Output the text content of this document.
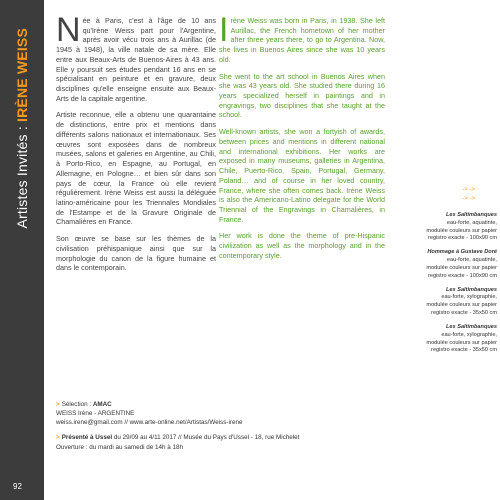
Artistes Invités : IRÈNE WEISS
92

Née à Paris, c'est à l'âge de 10 ans qu'Irène Weiss part pour l'Argentine, après avoir vécu trois ans à Aurillac (de 1945 à 1948), la ville natale de sa mère. Elle entre aux Beaux-Arts de Buenos-Aires à 43 ans. Elle y poursuit ses études pendant 16 ans en se spécialisant en peinture et en gravure, deux disciplines qu'elle enseigne ensuite aux Beaux-Arts de la capitale argentine.

Artiste reconnue, elle a obtenu une quarantaine de distinctions, entre prix et mentions dans différents salons nationaux et internationaux. Ses œuvres sont exposées dans de nombreux musées, salons et galeries en Argentine, au Chili, à Porto-Rico, en Espagne, au Portugal, en Allemagne, en Pologne… et bien sûr dans son pays de cœur, la France où elle revient régulièrement. Irène Weiss est aussi la déléguée latino-américaine pour les Triennales Mondiales de l'Estampe et de la Gravure Originale de Chamalières en France.

Son œuvre se base sur les thèmes de la civilisation préhispanique ainsi que sur la morphologie du canon de la figure humaine et dans le contemporain.

Irène Weiss was born in Paris, in 1938. She left Aurillac, the French hometown of her mother after three years there, to go to Argentina. Now, she lives in Buenos Aires since she was 10 years old.

She went to the art school in Buenos Aires when she was 43 years old. She studied there during 16 years specialized herself in paintings and in engravings, two disciplines that she taught at the school.

Well-known artists, she won a fortyish of awards, between prices and mentions in different national and international exhibitions. Her works are exposed in many museums, galleries in Argentina, Chile, Puerto-Rico, Spain, Portugal, Germany, Poland… and of course in her loved country, France, where she often comes back. Irène Weiss is also the Americano-Latino delegate for the World Triennial of the Engravings in Chamalières, in France.

Her work is done the theme of pre-Hispanic civilization as well as the morphology and in the contemporary style.

-> ->
-> ->
Les Saltimbanques
eau-forte, aquatinte,
modulée couleurs sur papier
registro exacte - 100x90 cm
Hommage à Gustave Doré
eau-forte, aquatinte,
modulée couleurs sur papier
registro exacte - 100x90 cm
Les Saltimbanques
eau-forte, xylographie,
modulée couleurs sur papier
registro exacte - 35x50 cm
Les Saltimbanques
eau-forte, xylographie,
modulée couleurs sur papier
registro exacte - 35x50 cm
> Sélection : AMAC
WEISS Irène - ARGENTINE
weiss.irene@gmail.com // www.arte-online.net/Artistas/Weiss-irene
> Présenté à Ussel du 29/09 au 4/11 2017 // Musée du Pays d'Ussel - 18, rue Michelet
Ouverture : du mardi au samedi de 14h à 18h
